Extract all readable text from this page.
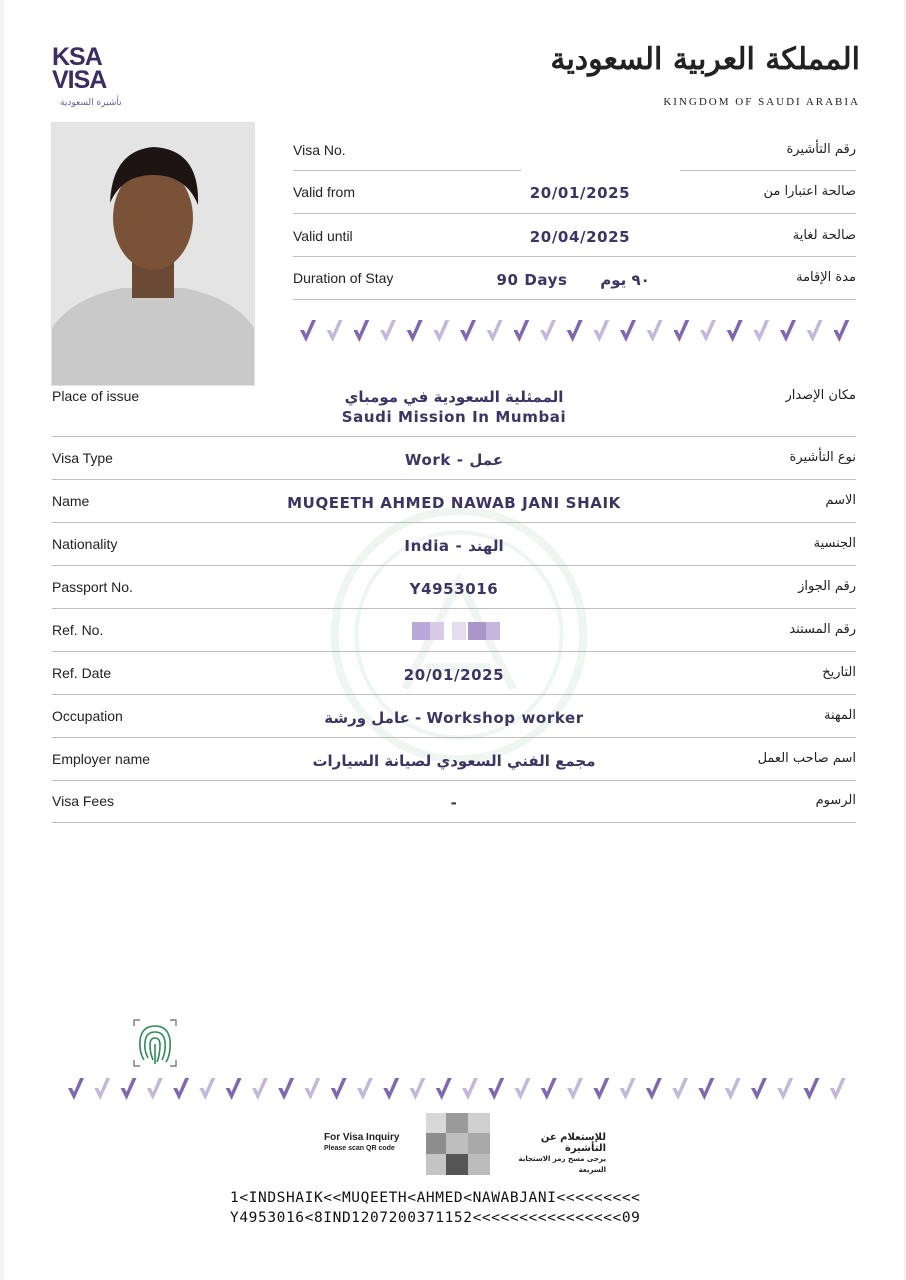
KSA
VISA
تأشيرة السعودية
المملكة العربية السعودية
KINGDOM OF SAUDI ARABIA
Visa No.	رقم التأشيرة
Valid from	صالحة اعتبارا من
20/01/2025
Valid until	صالحة لغاية
20/04/2025
Duration of Stay	مدة الإقامة
90 Days	٩٠ يوم
Place of issue	مكان الإصدار
الممثلية السعودية في مومباي
Saudi Mission In Mumbai
Visa Type	نوع التأشيرة
Work - عمل
Name	الاسم
MUQEETH AHMED NAWAB JANI SHAIK
Nationality	الجنسية
India - الهند
Passport No.	رقم الجواز
Y4953016
Ref. No.	رقم المستند
Ref. Date	التاريخ
20/01/2025
Occupation	المهنة
عامل ورشة - Workshop worker
Employer name	اسم صاحب العمل
مجمع الفني السعودي لصيانة السيارات
Visa Fees	الرسوم
-
For Visa Inquiry
Please scan QR code
للإستعلام عن التأشيرة
يرجى مسح رمز الاستجابة السريعة
1<INDSHAIK<<MUQEETH<AHMED<NAWABJANI<<<<<<<<<
Y4953016<8IND1207200371152<<<<<<<<<<<<<<<<09
